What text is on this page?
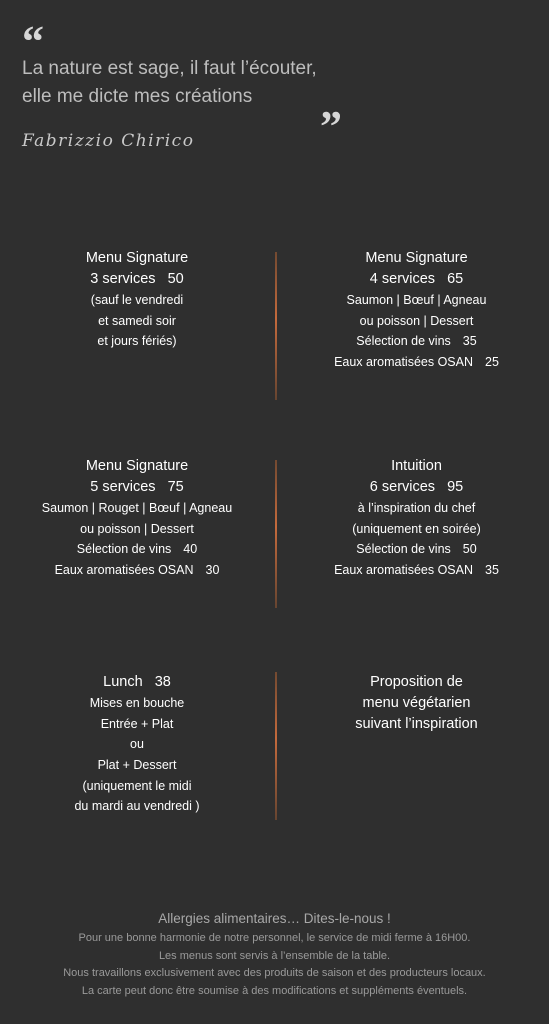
“
La nature est sage, il faut l’écouter,
elle me dicte mes créations
”
Fabrizzio Chirico
Menu Signature
3 services 50
(sauf le vendredi
et samedi soir
et jours fériés)
Menu Signature
4 services 65
Saumon | Bœuf | Agneau
ou poisson | Dessert
Sélection de vins 35
Eaux aromatisées OSAN 25
Menu Signature
5 services 75
Saumon | Rouget | Bœuf | Agneau
ou poisson | Dessert
Sélection de vins 40
Eaux aromatisées OSAN 30
Intuition
6 services 95
à l’inspiration du chef
(uniquement en soirée)
Sélection de vins 50
Eaux aromatisées OSAN 35
Lunch 38
Mises en bouche
Entrée + Plat
ou
Plat + Dessert
(uniquement le midi
du mardi au vendredi )
Proposition de
menu végétarien
suivant l’inspiration
Allergies alimentaires… Dites-le-nous !
Pour une bonne harmonie de notre personnel, le service de midi ferme à 16H00.
Les menus sont servis à l’ensemble de la table.
Nous travaillons exclusivement avec des produits de saison et des producteurs locaux.
La carte peut donc être soumise à des modifications et suppléments éventuels.
